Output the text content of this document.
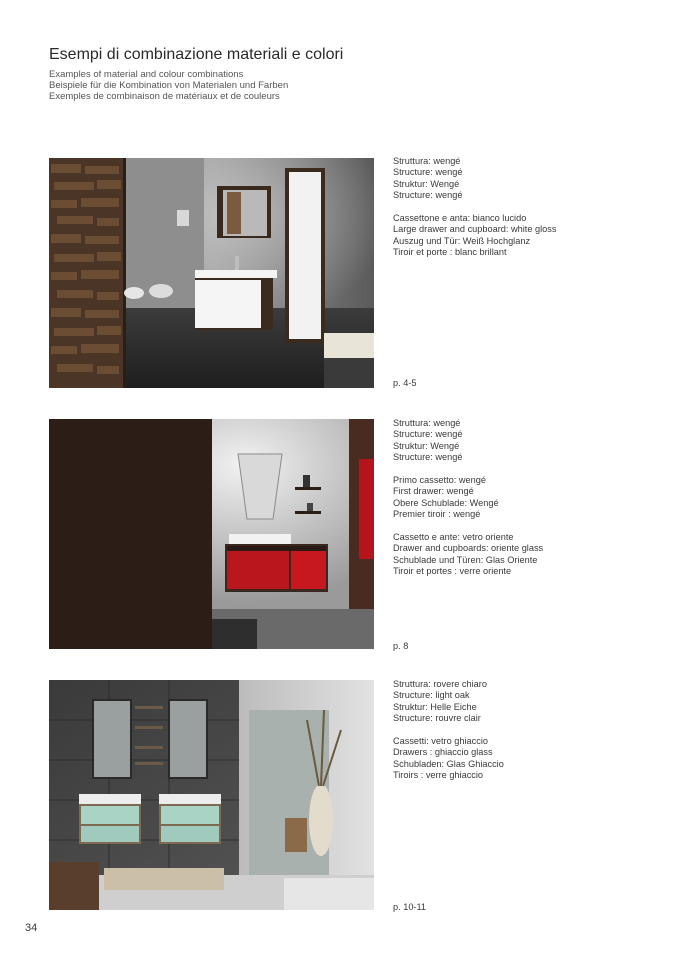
Esempi di combinazione materiali e colori
Examples of material and colour combinations
Beispiele für die Kombination von Materialen und Farben
Exemples de combinaison de matériaux et de couleurs
Struttura: wengé
Structure: wengé
Struktur: Wengé
Structure: wengé
Cassettone e anta: bianco lucido
Large drawer and cupboard: white gloss
Auszug und Tür: Weiß Hochglanz
Tiroir et porte : blanc brillant
p. 4-5
Struttura: wengé
Structure: wengé
Struktur: Wengé
Structure: wengé
Primo cassetto: wengé
First drawer: wengé
Obere Schublade: Wengé
Premier tiroir : wengé
Cassetto e ante: vetro oriente
Drawer and cupboards: oriente glass
Schublade und Türen: Glas Oriente
Tiroir et portes : verre oriente
p. 8
Struttura: rovere chiaro
Structure: light oak
Struktur: Helle Eiche
Structure: rouvre clair
Cassetti: vetro ghiaccio
Drawers : ghiaccio glass
Schubladen: Glas Ghiaccio
Tiroirs : verre ghiaccio
p. 10-11
34
